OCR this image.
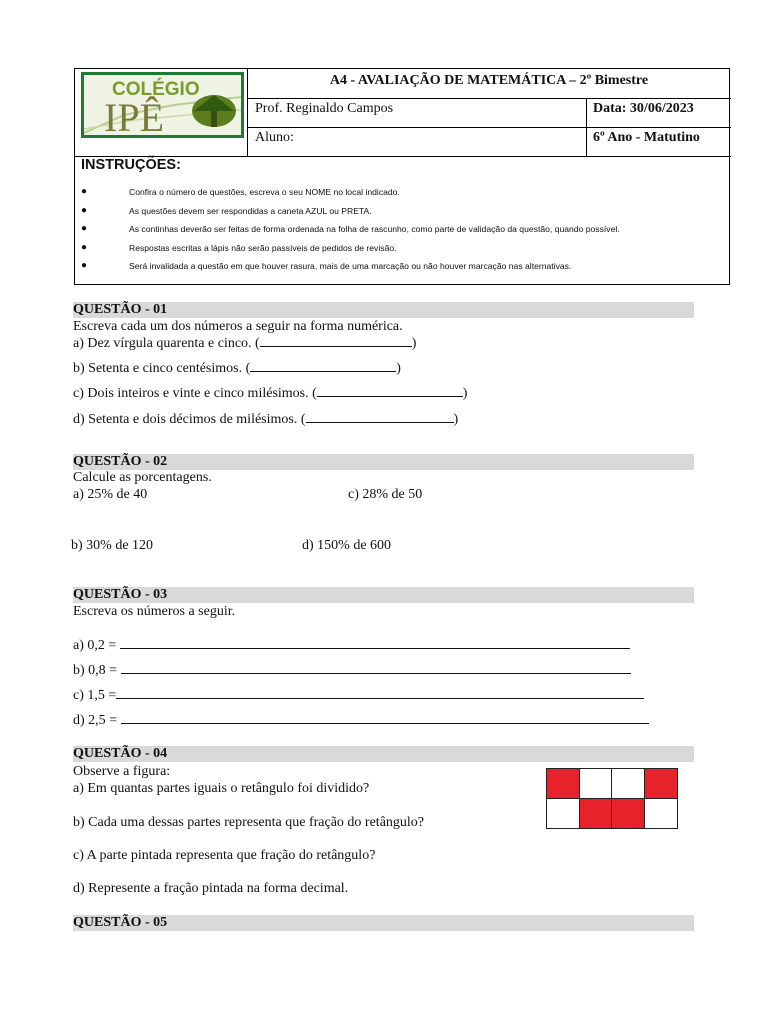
A4 - AVALIAÇÃO DE MATEMÁTICA – 2º Bimestre
Prof. Reginaldo Campos	Data: 30/06/2023
Aluno:	6º Ano - Matutino
INSTRUÇÕES:
●	Confira o número de questões, escreva o seu NOME no local indicado.
●	As questões devem ser respondidas a caneta AZUL ou PRETA.
●	As continhas deverão ser feitas de forma ordenada na folha de rascunho, como parte de validação da questão, quando possível.
●	Respostas escritas a lápis não serão passíveis de pedidos de revisão.
●	Será invalidada a questão em que houver rasura, mais de uma marcação ou não houver marcação nas alternativas.
COLÉGIO
IPÊ
QUESTÃO - 01
Escreva cada um dos números a seguir na forma numérica.
a) Dez vírgula quarenta e cinco. (	)
b) Setenta e cinco centésimos. (	)
c) Dois inteiros e vinte e cinco milésimos. (	)
d) Setenta e dois décimos de milésimos. (	)
QUESTÃO - 02
Calcule as porcentagens.
a) 25% de 40	c) 28% de 50
b) 30% de 120	d) 150% de 600
QUESTÃO - 03
Escreva os números a seguir.
a) 0,2 =
b) 0,8 =
c) 1,5 =
d) 2,5 =
QUESTÃO - 04
Observe a figura:
a) Em quantas partes iguais o retângulo foi dividido?
b) Cada uma dessas partes representa que fração do retângulo?
c) A parte pintada representa que fração do retângulo?
d) Represente a fração pintada na forma decimal.
QUESTÃO - 05
